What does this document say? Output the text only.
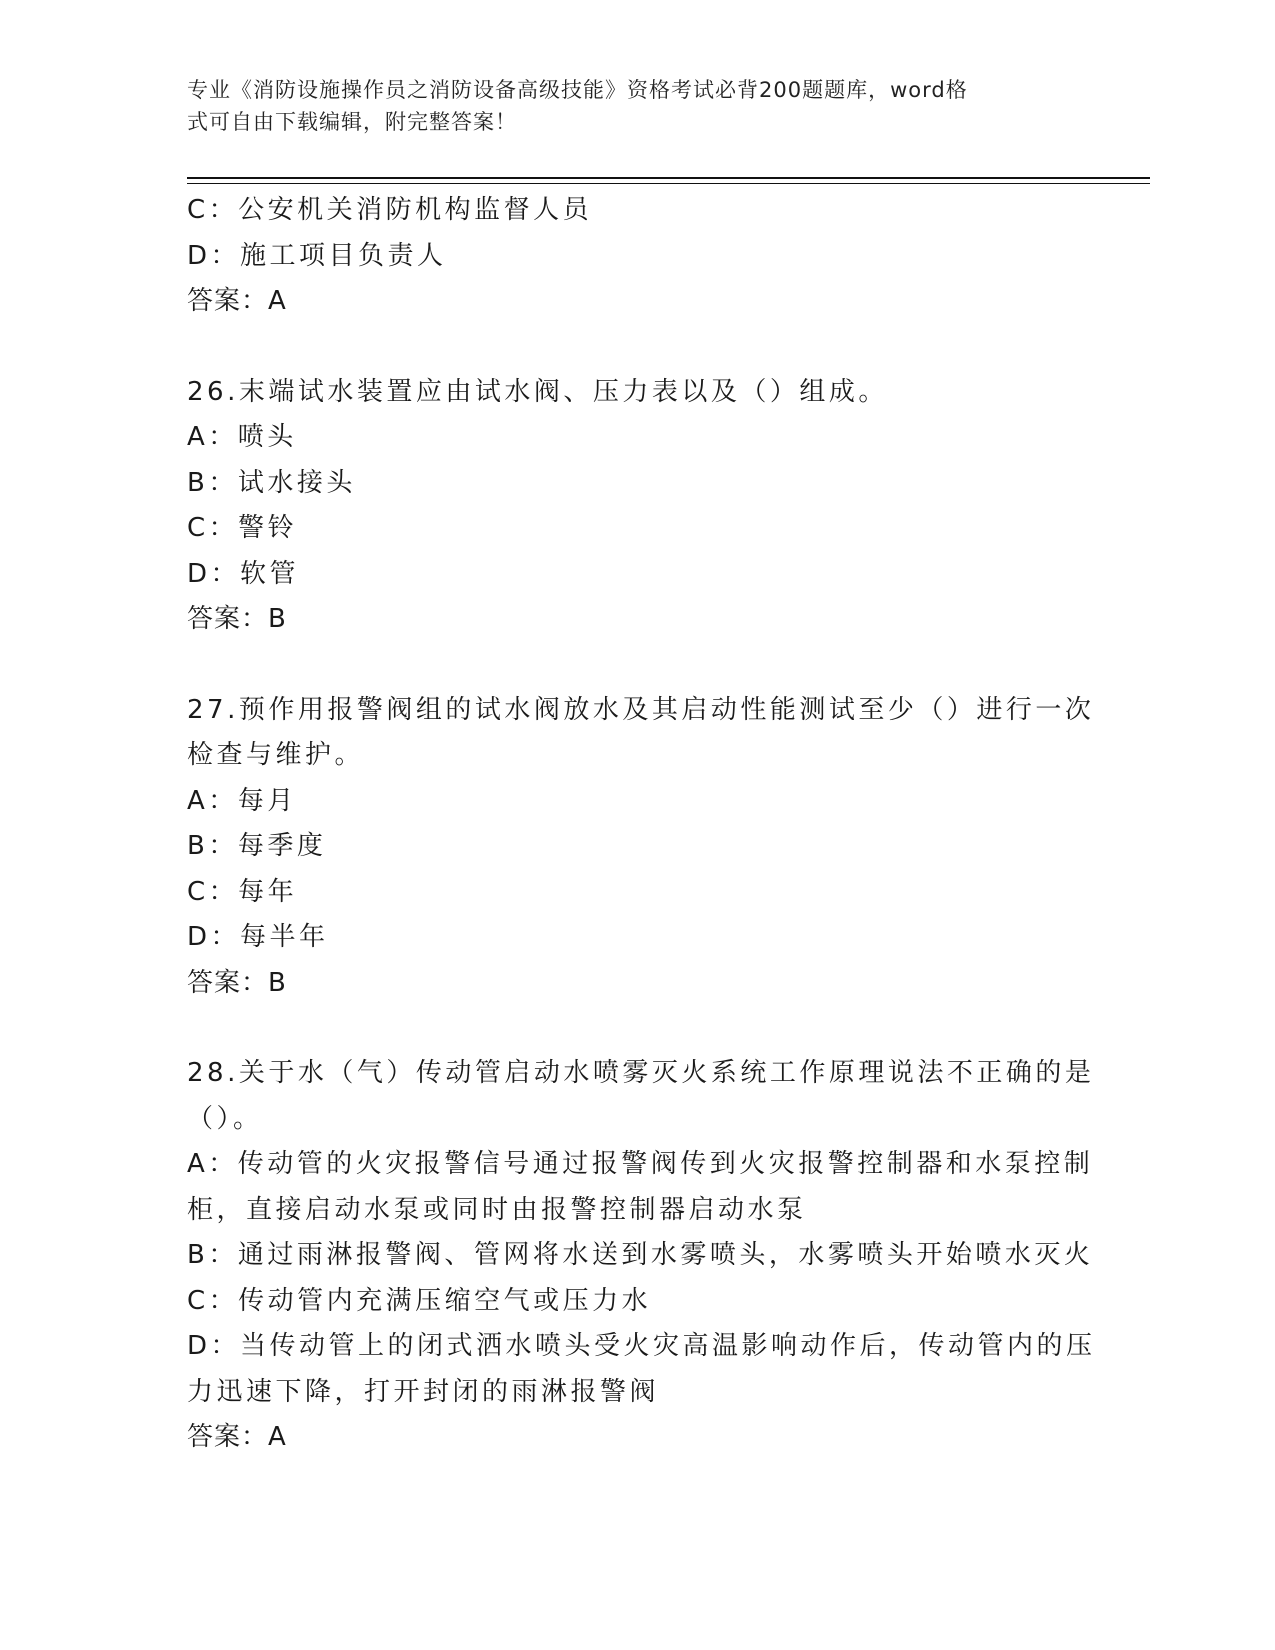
专业《消防设施操作员之消防设备高级技能》资格考试必背200题题库，word格
式可自由下载编辑，附完整答案！
C：公安机关消防机构监督人员
D：施工项目负责人
答案：A
26.末端试水装置应由试水阀、压力表以及（）组成。
A：喷头
B：试水接头
C：警铃
D：软管
答案：B
27.预作用报警阀组的试水阀放水及其启动性能测试至少（）进行一次
检查与维护。
A：每月
B：每季度
C：每年
D：每半年
答案：B
28.关于水（气）传动管启动水喷雾灭火系统工作原理说法不正确的是
（）。
A：传动管的火灾报警信号通过报警阀传到火灾报警控制器和水泵控制
柜，直接启动水泵或同时由报警控制器启动水泵
B：通过雨淋报警阀、管网将水送到水雾喷头，水雾喷头开始喷水灭火
C：传动管内充满压缩空气或压力水
D：当传动管上的闭式洒水喷头受火灾高温影响动作后，传动管内的压
力迅速下降，打开封闭的雨淋报警阀
答案：A
